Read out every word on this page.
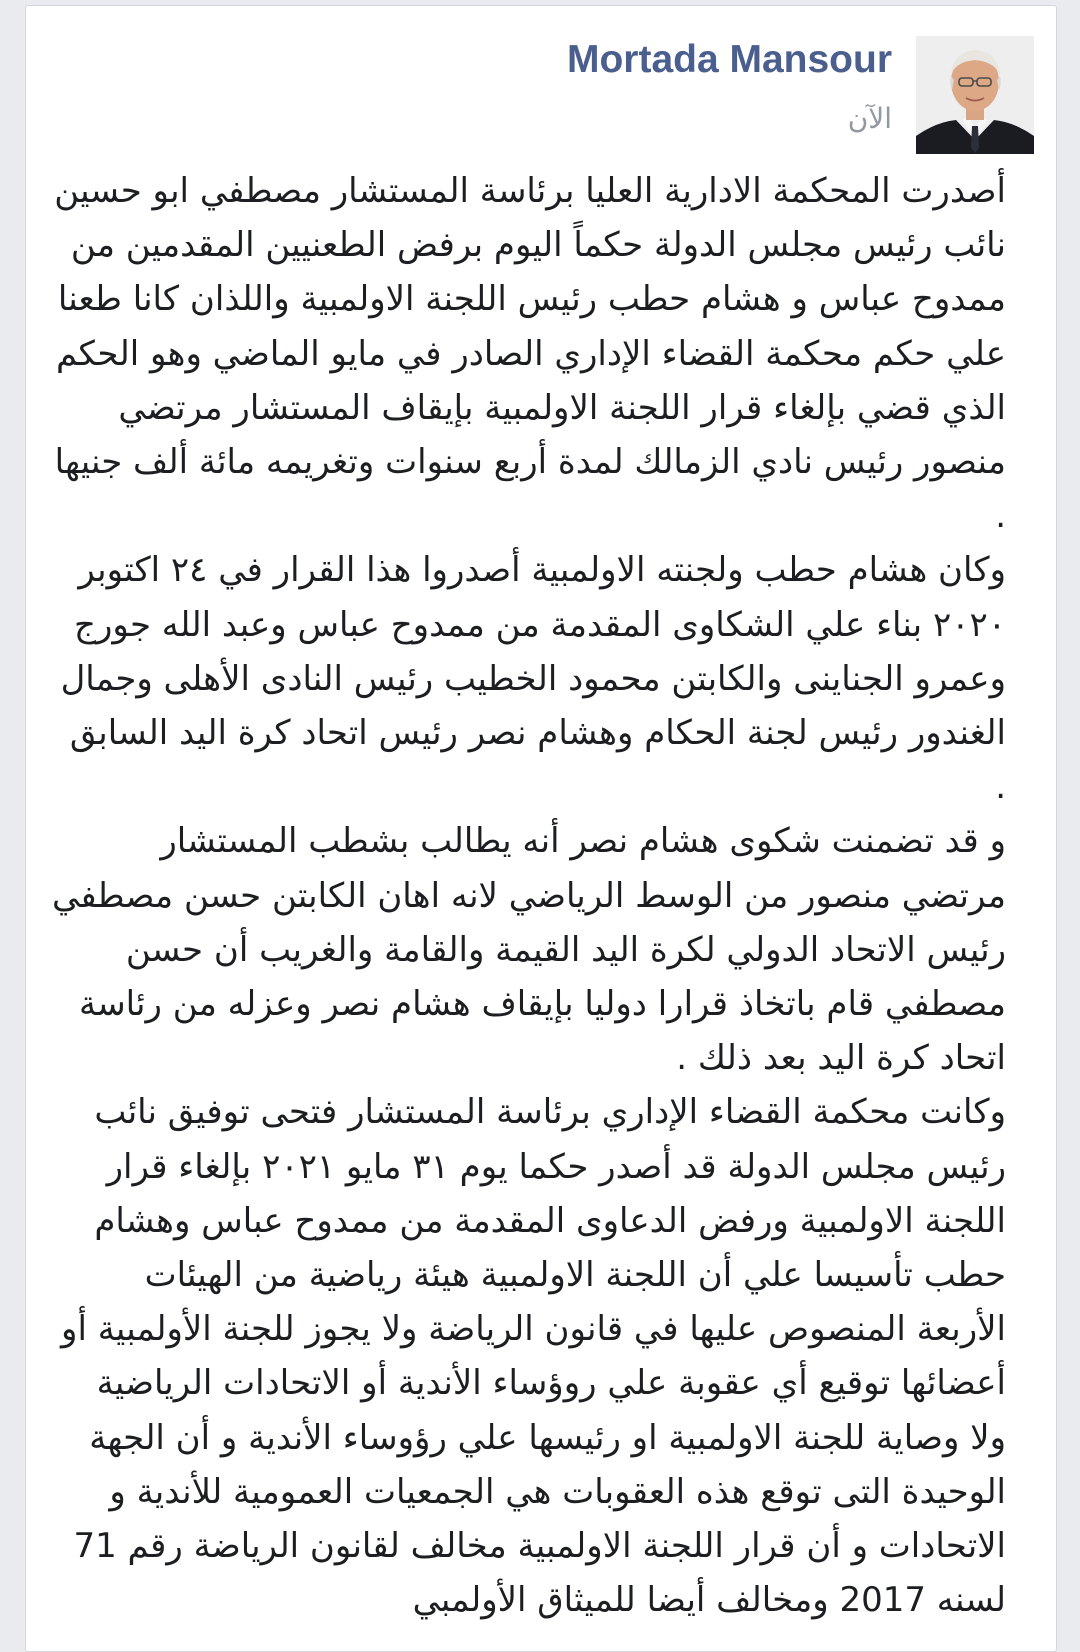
Mortada Mansour
الآن

أصدرت المحكمة الادارية العليا برئاسة المستشار مصطفي ابو حسين نائب رئيس مجلس الدولة حكماً اليوم برفض الطعنيين المقدمين من ممدوح عباس و هشام حطب رئيس اللجنة الاولمبية واللذان كانا طعنا علي حكم محكمة القضاء الإداري الصادر في مايو الماضي وهو الحكم الذي قضي بإلغاء قرار اللجنة الاولمبية بإيقاف المستشار مرتضي منصور رئيس نادي الزمالك لمدة أربع سنوات وتغريمه مائة ألف جنيها .

وكان هشام حطب ولجنته الاولمبية أصدروا هذا القرار في ٢٤ اكتوبر ٢٠٢٠ بناء علي الشكاوى المقدمة من ممدوح عباس وعبد الله جورج وعمرو الجناينى والكابتن محمود الخطيب رئيس النادى الأهلى وجمال الغندور رئيس لجنة الحكام وهشام نصر رئيس اتحاد كرة اليد السابق .

و قد تضمنت شكوى هشام نصر أنه يطالب بشطب المستشار مرتضي منصور من الوسط الرياضي لانه اهان الكابتن حسن مصطفي رئيس الاتحاد الدولي لكرة اليد القيمة والقامة والغريب أن حسن مصطفي قام باتخاذ قرارا دوليا بإيقاف هشام نصر وعزله من رئاسة اتحاد كرة اليد بعد ذلك .

وكانت محكمة القضاء الإداري برئاسة المستشار فتحى توفيق نائب رئيس مجلس الدولة قد أصدر حكما يوم ٣١ مايو ٢٠٢١ بإلغاء قرار اللجنة الاولمبية ورفض الدعاوى المقدمة من ممدوح عباس وهشام حطب تأسيسا علي أن اللجنة الاولمبية هيئة رياضية من الهيئات الأربعة المنصوص عليها في قانون الرياضة ولا يجوز للجنة الأولمبية أو أعضائها توقيع أي عقوبة علي روؤساء الأندية أو الاتحادات الرياضية ولا وصاية للجنة الاولمبية او رئيسها علي رؤوساء الأندية و أن الجهة الوحيدة التى توقع هذه العقوبات هي الجمعيات العمومية للأندية و الاتحادات و أن قرار اللجنة الاولمبية مخالف لقانون الرياضة رقم 71 لسنه 2017 ومخالف أيضا للميثاق الأولمبي
